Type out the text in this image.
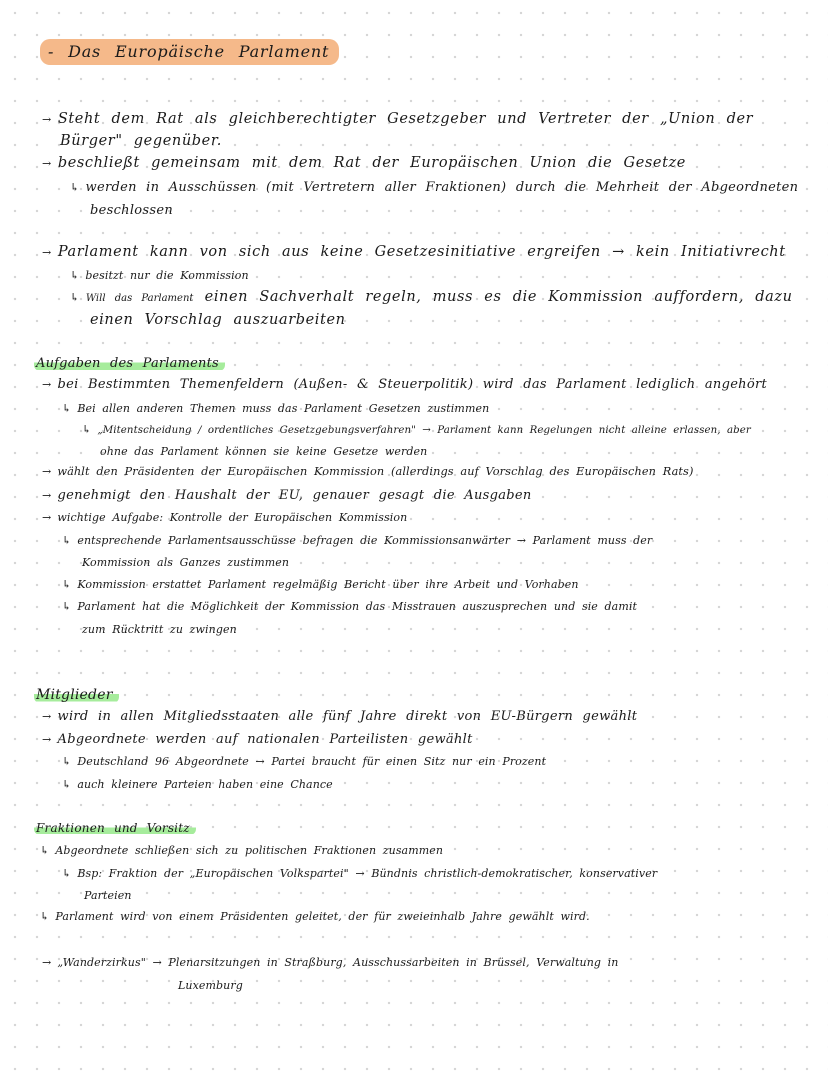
- Das Europäische Parlament
→ Steht dem Rat als gleichberechtigter Gesetzgeber und Vertreter der „Union der
Bürger" gegenüber.
→ beschließt gemeinsam mit dem Rat der Europäischen Union die Gesetze
↳ werden in Ausschüssen (mit Vertretern aller Fraktionen) durch die Mehrheit der Abgeordneten
beschlossen
→ Parlament kann von sich aus keine Gesetzesinitiative ergreifen → kein Initiativrecht
↳ besitzt nur die Kommission
↳ Will das Parlament einen Sachverhalt regeln, muss es die Kommission auffordern, dazu
einen Vorschlag auszuarbeiten
Aufgaben des Parlaments
→ bei Bestimmten Themenfeldern (Außen- & Steuerpolitik) wird das Parlament lediglich angehört
↳ Bei allen anderen Themen muss das Parlament Gesetzen zustimmen
↳ „Mitentscheidung / ordentliches Gesetzgebungsverfahren" → Parlament kann Regelungen nicht alleine erlassen, aber
ohne das Parlament können sie keine Gesetze werden
→ wählt den Präsidenten der Europäischen Kommission (allerdings auf Vorschlag des Europäischen Rats)
→ genehmigt den Haushalt der EU, genauer gesagt die Ausgaben
→ wichtige Aufgabe: Kontrolle der Europäischen Kommission
↳ entsprechende Parlamentsausschüsse befragen die Kommissionsanwärter → Parlament muss der
Kommission als Ganzes zustimmen
↳ Kommission erstattet Parlament regelmäßig Bericht über ihre Arbeit und Vorhaben
↳ Parlament hat die Möglichkeit der Kommission das Misstrauen auszusprechen und sie damit
zum Rücktritt zu zwingen
Mitglieder
→ wird in allen Mitgliedsstaaten alle fünf Jahre direkt von EU-Bürgern gewählt
→ Abgeordnete werden auf nationalen Parteilisten gewählt
↳ Deutschland 96 Abgeordnete → Partei braucht für einen Sitz nur ein Prozent
↳ auch kleinere Parteien haben eine Chance
Fraktionen und Vorsitz
↳ Abgeordnete schließen sich zu politischen Fraktionen zusammen
↳ Bsp: Fraktion der „Europäischen Volkspartei" → Bündnis christlich-demokratischer, konservativer
Parteien
↳ Parlament wird von einem Präsidenten geleitet, der für zweieinhalb Jahre gewählt wird.
→ „Wanderzirkus" → Plenarsitzungen in Straßburg, Ausschussarbeiten in Brüssel, Verwaltung in
Luxemburg
